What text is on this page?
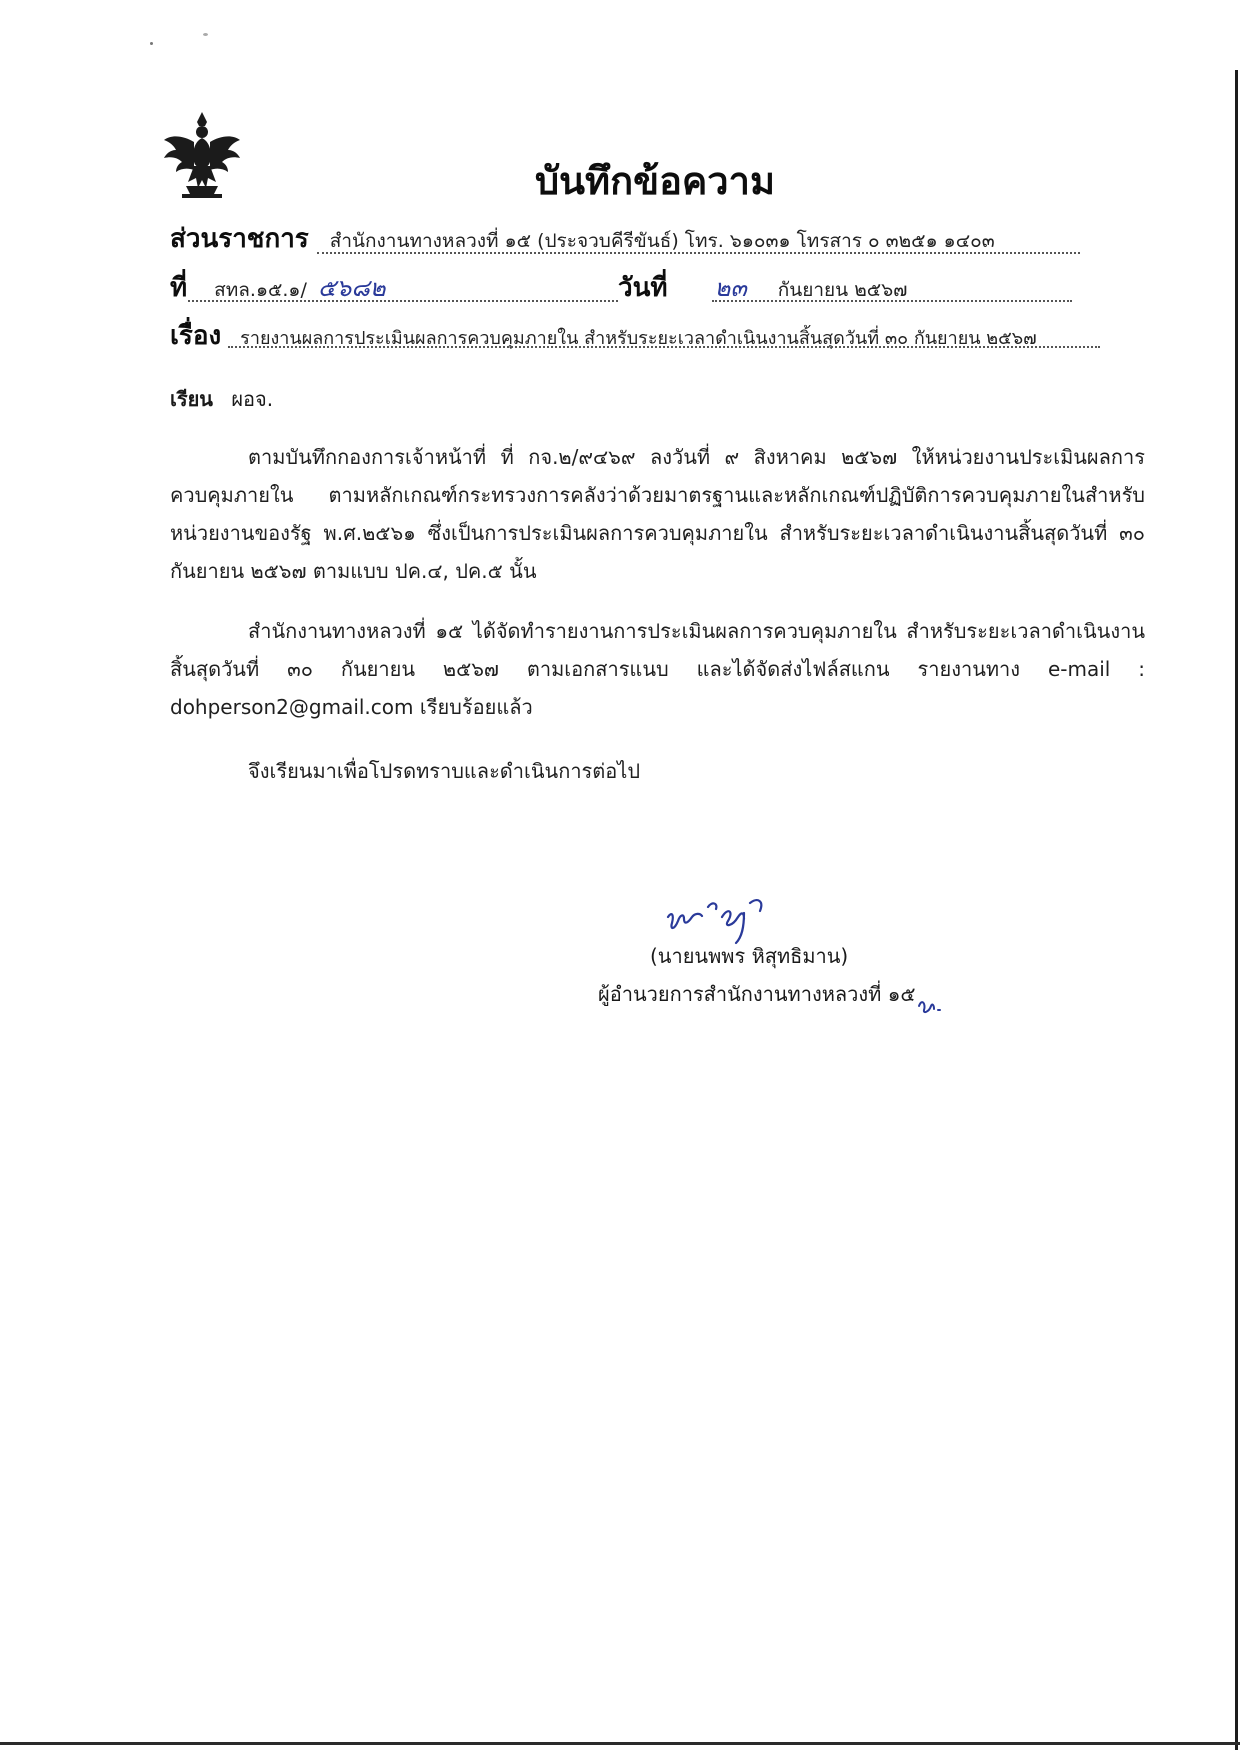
บันทึกข้อความ
ส่วนราชการ สำนักงานทางหลวงที่ ๑๕ (ประจวบคีรีขันธ์) โทร. ๖๑๐๓๑ โทรสาร ๐ ๓๒๕๑ ๑๔๐๓
ที่ สทล.๑๕.๑/ ๕๖๘๒	วันที่ ๒๓ กันยายน ๒๕๖๗
เรื่อง รายงานผลการประเมินผลการควบคุมภายใน สำหรับระยะเวลาดำเนินงานสิ้นสุดวันที่ ๓๐ กันยายน ๒๕๖๗
เรียน ผอจ.
ตามบันทึกกองการเจ้าหน้าที่ ที่ กจ.๒/๙๔๖๙ ลงวันที่ ๙ สิงหาคม ๒๕๖๗ ให้หน่วยงานประเมินผลการควบคุมภายใน ตามหลักเกณฑ์กระทรวงการคลังว่าด้วยมาตรฐานและหลักเกณฑ์ปฏิบัติการควบคุมภายในสำหรับหน่วยงานของรัฐ พ.ศ.๒๕๖๑ ซึ่งเป็นการประเมินผลการควบคุมภายใน สำหรับระยะเวลาดำเนินงานสิ้นสุดวันที่ ๓๐ กันยายน ๒๕๖๗ ตามแบบ ปค.๔, ปค.๕ นั้น
สำนักงานทางหลวงที่ ๑๕ ได้จัดทำรายงานการประเมินผลการควบคุมภายใน สำหรับระยะเวลาดำเนินงานสิ้นสุดวันที่ ๓๐ กันยายน ๒๕๖๗ ตามเอกสารแนบ และได้จัดส่งไฟล์สแกน รายงานทาง e-mail : dohperson2@gmail.com เรียบร้อยแล้ว
จึงเรียนมาเพื่อโปรดทราบและดำเนินการต่อไป
(นายนพพร หิสุทธิมาน)
ผู้อำนวยการสำนักงานทางหลวงที่ ๑๕
